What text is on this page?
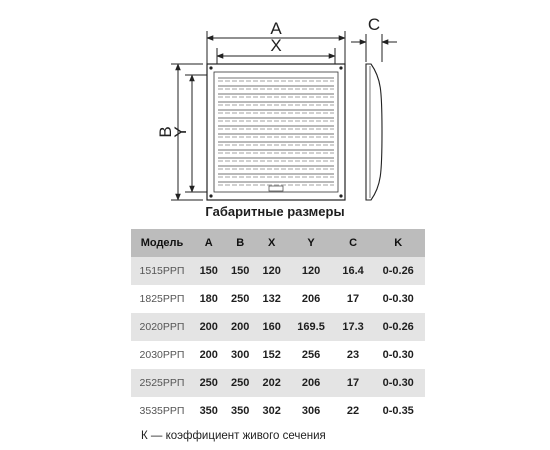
A
X
C
B
Y
Габаритные размеры
Модель	A	B	X	Y	C	K
1515РРП	150	150	120	120	16.4	0-0.26
1825РРП	180	250	132	206	17	0-0.30
2020РРП	200	200	160	169.5	17.3	0-0.26
2030РРП	200	300	152	256	23	0-0.30
2525РРП	250	250	202	206	17	0-0.30
3535РРП	350	350	302	306	22	0-0.35
К — коэффициент живого сечения
